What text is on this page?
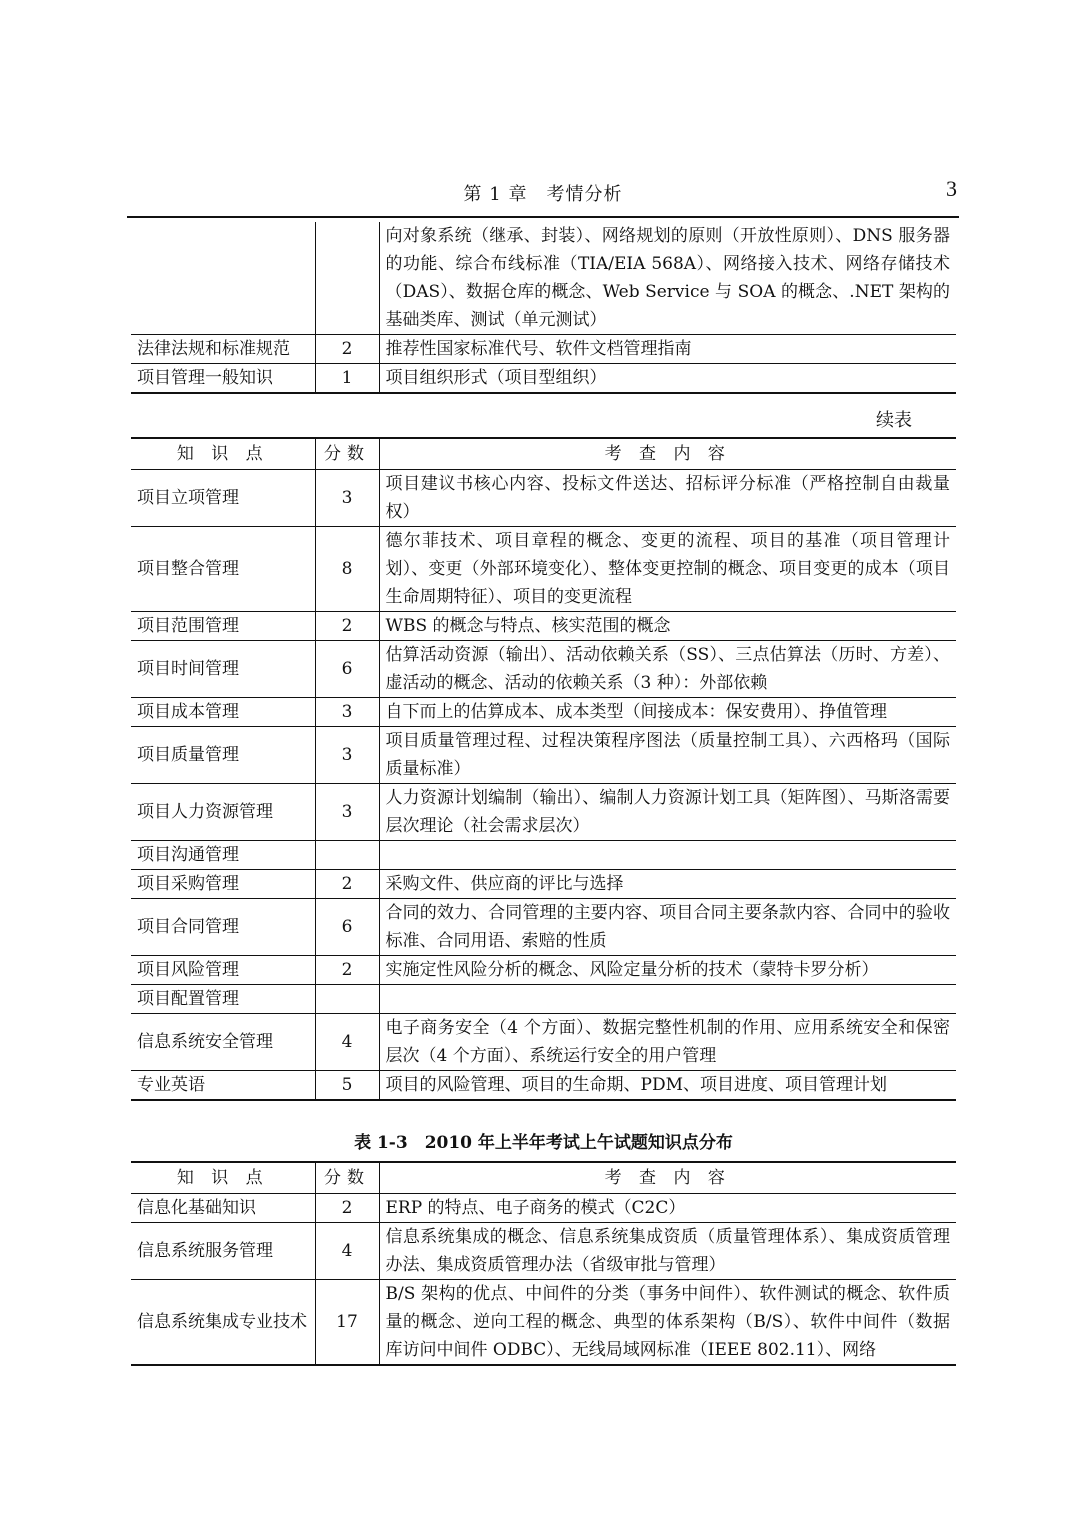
第 1 章　考情分析	3
		向对象系统（继承、封装）、网络规划的原则（开放性原则）、DNS 服务器的功能、综合布线标准（TIA/EIA 568A）、网络接入技术、网络存储技术（DAS）、数据仓库的概念、Web Service 与 SOA 的概念、.NET 架构的基础类库、测试（单元测试）
法律法规和标准规范	2	推荐性国家标准代号、软件文档管理指南
项目管理一般知识	1	项目组织形式（项目型组织）
续表
知 识 点	分数	考 查 内 容
项目立项管理	3	项目建议书核心内容、投标文件送达、招标评分标准（严格控制自由裁量权）
项目整合管理	8	德尔菲技术、项目章程的概念、变更的流程、项目的基准（项目管理计划）、变更（外部环境变化）、整体变更控制的概念、项目变更的成本（项目生命周期特征）、项目的变更流程
项目范围管理	2	WBS 的概念与特点、核实范围的概念
项目时间管理	6	估算活动资源（输出）、活动依赖关系（SS）、三点估算法（历时、方差）、虚活动的概念、活动的依赖关系（3 种）：外部依赖
项目成本管理	3	自下而上的估算成本、成本类型（间接成本：保安费用）、挣值管理
项目质量管理	3	项目质量管理过程、过程决策程序图法（质量控制工具）、六西格玛（国际质量标准）
项目人力资源管理	3	人力资源计划编制（输出）、编制人力资源计划工具（矩阵图）、马斯洛需要层次理论（社会需求层次）
项目沟通管理		
项目采购管理	2	采购文件、供应商的评比与选择
项目合同管理	6	合同的效力、合同管理的主要内容、项目合同主要条款内容、合同中的验收标准、合同用语、索赔的性质
项目风险管理	2	实施定性风险分析的概念、风险定量分析的技术（蒙特卡罗分析）
项目配置管理		
信息系统安全管理	4	电子商务安全（4 个方面）、数据完整性机制的作用、应用系统安全和保密层次（4 个方面）、系统运行安全的用户管理
专业英语	5	项目的风险管理、项目的生命期、PDM、项目进度、项目管理计划
表 1-3　2010 年上半年考试上午试题知识点分布
知 识 点	分数	考 查 内 容
信息化基础知识	2	ERP 的特点、电子商务的模式（C2C）
信息系统服务管理	4	信息系统集成的概念、信息系统集成资质（质量管理体系）、集成资质管理办法、集成资质管理办法（省级审批与管理）
信息系统集成专业技术	17	B/S 架构的优点、中间件的分类（事务中间件）、软件测试的概念、软件质量的概念、逆向工程的概念、典型的体系架构（B/S）、软件中间件（数据库访问中间件 ODBC）、无线局域网标准（IEEE 802.11）、网络
